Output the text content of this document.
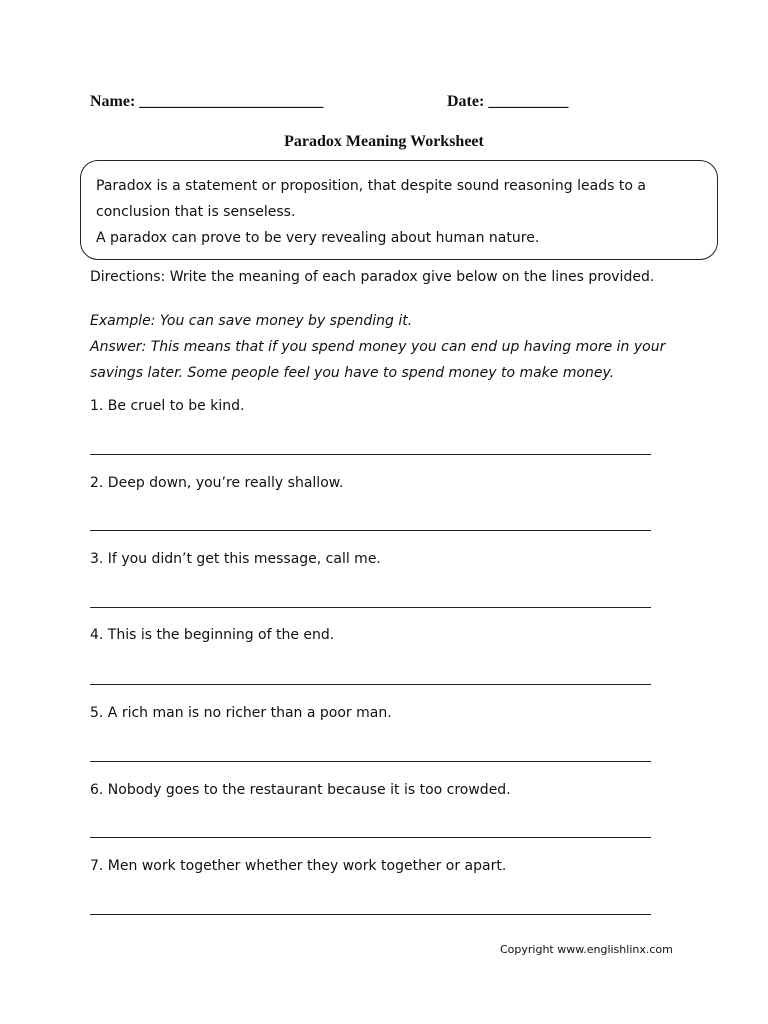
Name: _______________________	Date: __________
Paradox Meaning Worksheet
Paradox is a statement or proposition, that despite sound reasoning leads to a
conclusion that is senseless.
A paradox can prove to be very revealing about human nature.
Directions: Write the meaning of each paradox give below on the lines provided.
Example: You can save money by spending it.
Answer: This means that if you spend money you can end up having more in your
savings later. Some people feel you have to spend money to make money.
1. Be cruel to be kind.
2. Deep down, you’re really shallow.
3. If you didn’t get this message, call me.
4. This is the beginning of the end.
5. A rich man is no richer than a poor man.
6. Nobody goes to the restaurant because it is too crowded.
7. Men work together whether they work together or apart.
Copyright www.englishlinx.com
